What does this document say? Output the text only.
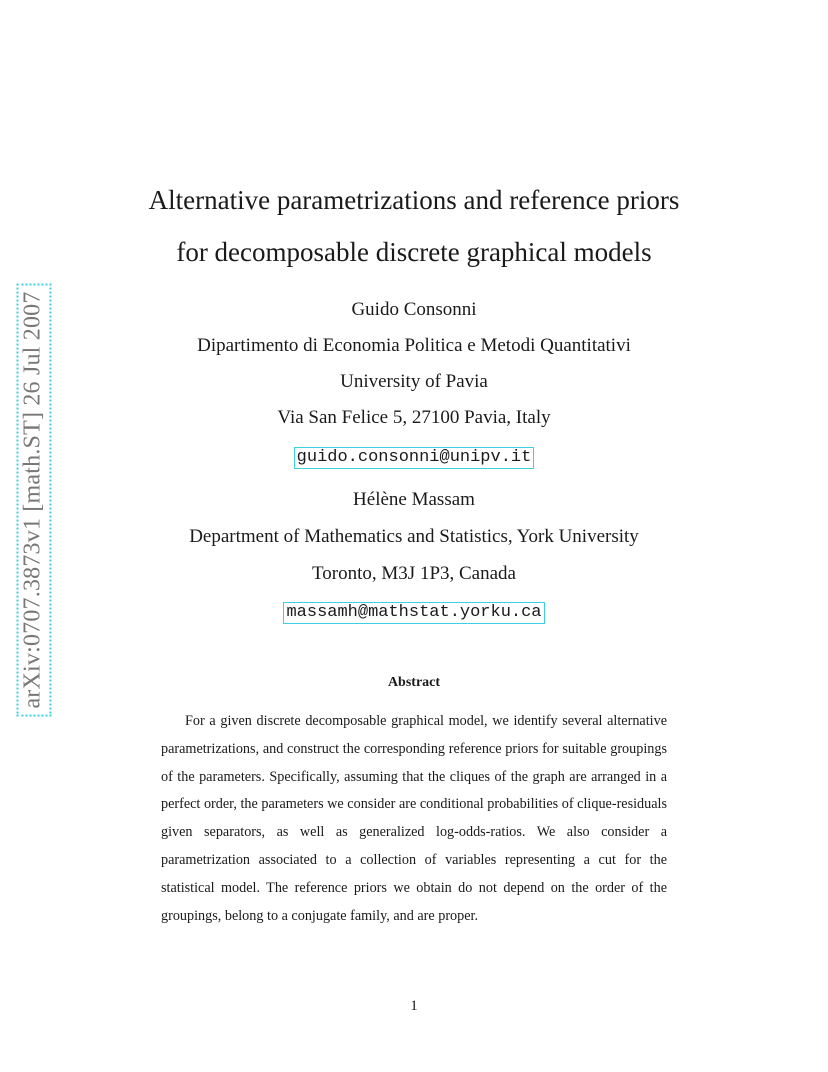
arXiv:0707.3873v1 [math.ST] 26 Jul 2007
Alternative parametrizations and reference priors
for decomposable discrete graphical models
Guido Consonni
Dipartimento di Economia Politica e Metodi Quantitativi
University of Pavia
Via San Felice 5, 27100 Pavia, Italy
guido.consonni@unipv.it
Hélène Massam
Department of Mathematics and Statistics, York University
Toronto, M3J 1P3, Canada
massamh@mathstat.yorku.ca
Abstract
For a given discrete decomposable graphical model, we identify several alternative parametrizations, and construct the corresponding reference priors for suitable groupings of the parameters. Specifically, assuming that the cliques of the graph are arranged in a perfect order, the parameters we consider are conditional probabilities of clique-residuals given separators, as well as generalized log-odds-ratios. We also consider a parametrization associated to a collection of variables representing a cut for the statistical model. The reference priors we obtain do not depend on the order of the groupings, belong to a conjugate family, and are proper.
1
